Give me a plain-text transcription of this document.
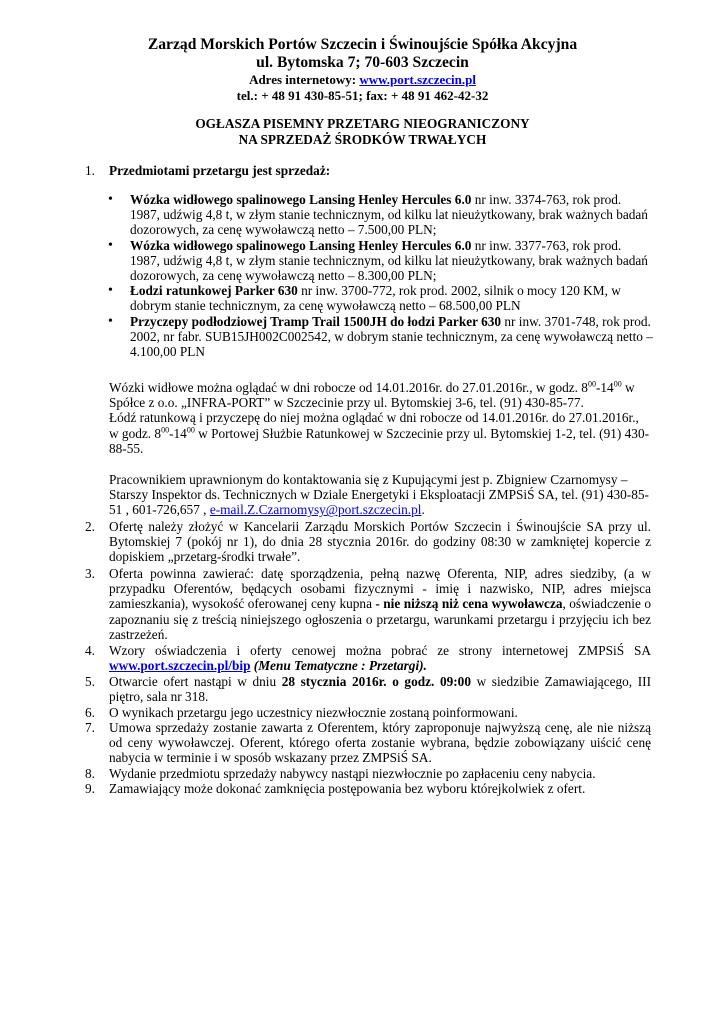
Zarząd Morskich Portów Szczecin i Świnoujście Spółka Akcyjna
ul. Bytomska 7; 70-603 Szczecin
Adres internetowy: www.port.szczecin.pl
tel.: + 48 91 430-85-51; fax: + 48 91 462-42-32
OGŁASZA PISEMNY PRZETARG NIEOGRANICZONY
NA SPRZEDAŻ ŚRODKÓW TRWAŁYCH
1. Przedmiotami przetargu jest sprzedaż:
• Wózka widłowego spalinowego Lansing Henley Hercules 6.0 nr inw. 3374-763, rok prod. 1987, udźwig 4,8 t, w złym stanie technicznym, od kilku lat nieużytkowany, brak ważnych badań dozorowych, za cenę wywoławczą netto – 7.500,00 PLN;
• Wózka widłowego spalinowego Lansing Henley Hercules 6.0 nr inw. 3377-763, rok prod. 1987, udźwig 4,8 t, w złym stanie technicznym, od kilku lat nieużytkowany, brak ważnych badań dozorowych, za cenę wywoławczą netto – 8.300,00 PLN;
• Łodzi ratunkowej Parker 630 nr inw. 3700-772, rok prod. 2002, silnik o mocy 120 KM, w dobrym stanie technicznym, za cenę wywoławczą netto – 68.500,00 PLN
• Przyczepy podłodziowej Tramp Trail 1500JH do łodzi Parker 630 nr inw. 3701-748, rok prod. 2002, nr fabr. SUB15JH002C002542, w dobrym stanie technicznym, za cenę wywoławczą netto – 4.100,00 PLN
Wózki widłowe można oglądać w dni robocze od 14.01.2016r. do 27.01.2016r., w godz. $8^{00}-14^{00}$ w Spółce z o.o. „INFRA-PORT” w Szczecinie przy ul. Bytomskiej 3-6, tel. (91) 430-85-77.
Łódź ratunkową i przyczepę do niej można oglądać w dni robocze od 14.01.2016r. do 27.01.2016r., w godz. $8^{00}-14^{00}$ w Portowej Służbie Ratunkowej w Szczecinie przy ul. Bytomskiej 1-2, tel. (91) 430-88-55.
Pracownikiem uprawnionym do kontaktowania się z Kupującymi jest p. Zbigniew Czarnomysy – Starszy Inspektor ds. Technicznych w Dziale Energetyki i Eksploatacji ZMPSiŚ SA, tel. (91) 430-85-51 , 601-726,657 , e-mail.Z.Czarnomysy@port.szczecin.pl.
2. Ofertę należy złożyć w Kancelarii Zarządu Morskich Portów Szczecin i Świnoujście SA przy ul. Bytomskiej 7 (pokój nr 1), do dnia 28 stycznia 2016r. do godziny 08:30 w zamkniętej kopercie z dopiskiem „przetarg-środki trwałe”.
3. Oferta powinna zawierać: datę sporządzenia, pełną nazwę Oferenta, NIP, adres siedziby, (a w przypadku Oferentów, będących osobami fizycznymi - imię i nazwisko, NIP, adres miejsca zamieszkania), wysokość oferowanej ceny kupna - nie niższą niż cena wywoławcza, oświadczenie o zapoznaniu się z treścią niniejszego ogłoszenia o przetargu, warunkami przetargu i przyjęciu ich bez zastrzeżeń.
4. Wzory oświadczenia i oferty cenowej można pobrać ze strony internetowej ZMPSiŚ SA www.port.szczecin.pl/bip (Menu Tematyczne : Przetargi).
5. Otwarcie ofert nastąpi w dniu 28 stycznia 2016r. o godz. 09:00 w siedzibie Zamawiającego, III piętro, sala nr 318.
6. O wynikach przetargu jego uczestnicy niezwłocznie zostaną poinformowani.
7. Umowa sprzedaży zostanie zawarta z Oferentem, który zaproponuje najwyższą cenę, ale nie niższą od ceny wywoławczej. Oferent, którego oferta zostanie wybrana, będzie zobowiązany uiścić cenę nabycia w terminie i w sposób wskazany przez ZMPSiŚ SA.
8. Wydanie przedmiotu sprzedaży nabywcy nastąpi niezwłocznie po zapłaceniu ceny nabycia.
9. Zamawiający może dokonać zamknięcia postępowania bez wyboru którejkolwiek z ofert.
